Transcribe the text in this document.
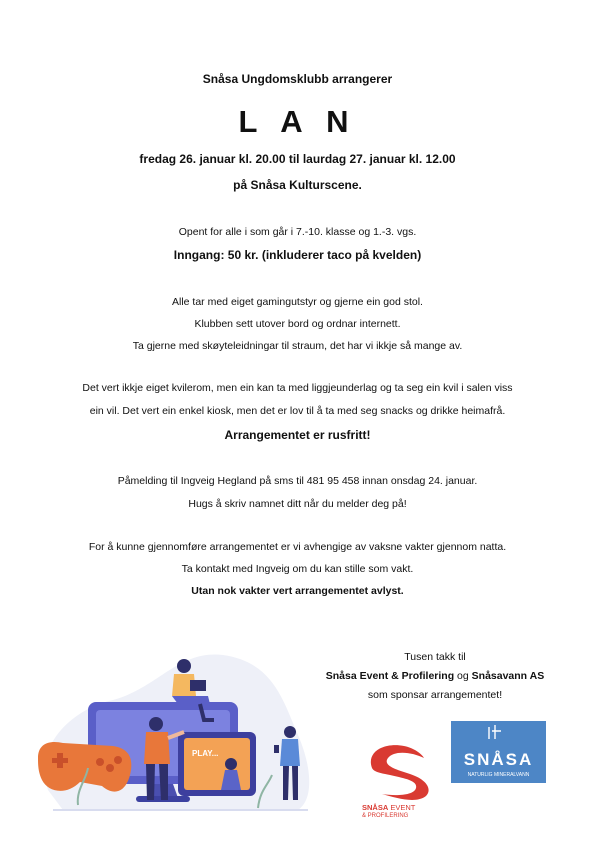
Snåsa Ungdomsklubb arrangerer
L A N
fredag 26. januar kl. 20.00 til laurdag 27. januar kl. 12.00
på Snåsa Kulturscene.
Opent for alle i som går i 7.-10. klasse og 1.-3. vgs.
Inngang: 50 kr. (inkluderer taco på kvelden)
Alle tar med eiget gamingutstyr og gjerne ein god stol.
Klubben sett utover bord og ordnar internett.
Ta gjerne med skøyteleidningar til straum, det har vi ikkje så mange av.
Det vert ikkje eiget kvilerom, men ein kan ta med liggjeunderlag og ta seg ein kvil i salen viss
ein vil. Det vert ein enkel kiosk, men det er lov til å ta med seg snacks og drikke heimafrå.
Arrangementet er rusfritt!
Påmelding til Ingveig Hegland på sms til 481 95 458 innan onsdag 24. januar.
Hugs å skriv namnet ditt når du melder deg på!
For å kunne gjennomføre arrangementet er vi avhengige av vaksne vakter gjennom natta.
Ta kontakt med Ingveig om du kan stille som vakt.
Utan nok vakter vert arrangementet avlyst.
Tusen takk til
Snåsa Event & Profilering og Snåsavann AS
som sponsar arrangementet!
PLAY...
SNÅSA EVENT
& PROFILERING
SNÅSA
NATURLIG MINERALVANN
